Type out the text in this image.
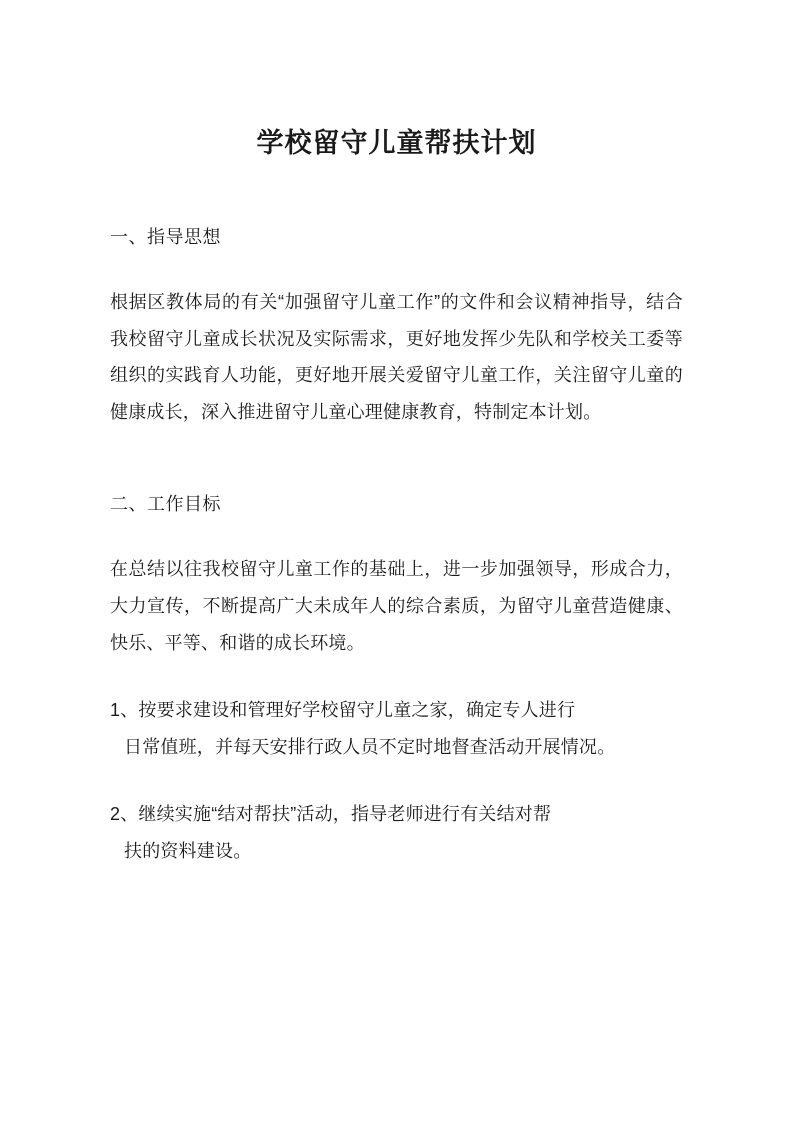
学校留守儿童帮扶计划
一、指导思想

根据区教体局的有关“加强留守儿童工作”的文件和会议精神指导，结合我校留守儿童成长状况及实际需求，更好地发挥少先队和学校关工委等组织的实践育人功能，更好地开展关爱留守儿童工作，关注留守儿童的健康成长，深入推进留守儿童心理健康教育，特制定本计划。

二、工作目标

在总结以往我校留守儿童工作的基础上，进一步加强领导，形成合力，大力宣传，不断提高广大未成年人的综合素质，为留守儿童营造健康、快乐、平等、和谐的成长环境。

1、按要求建设和管理好学校留守儿童之家，确定专人进行
日常值班，并每天安排行政人员不定时地督查活动开展情况。

2、继续实施“结对帮扶”活动，指导老师进行有关结对帮
扶的资料建设。
